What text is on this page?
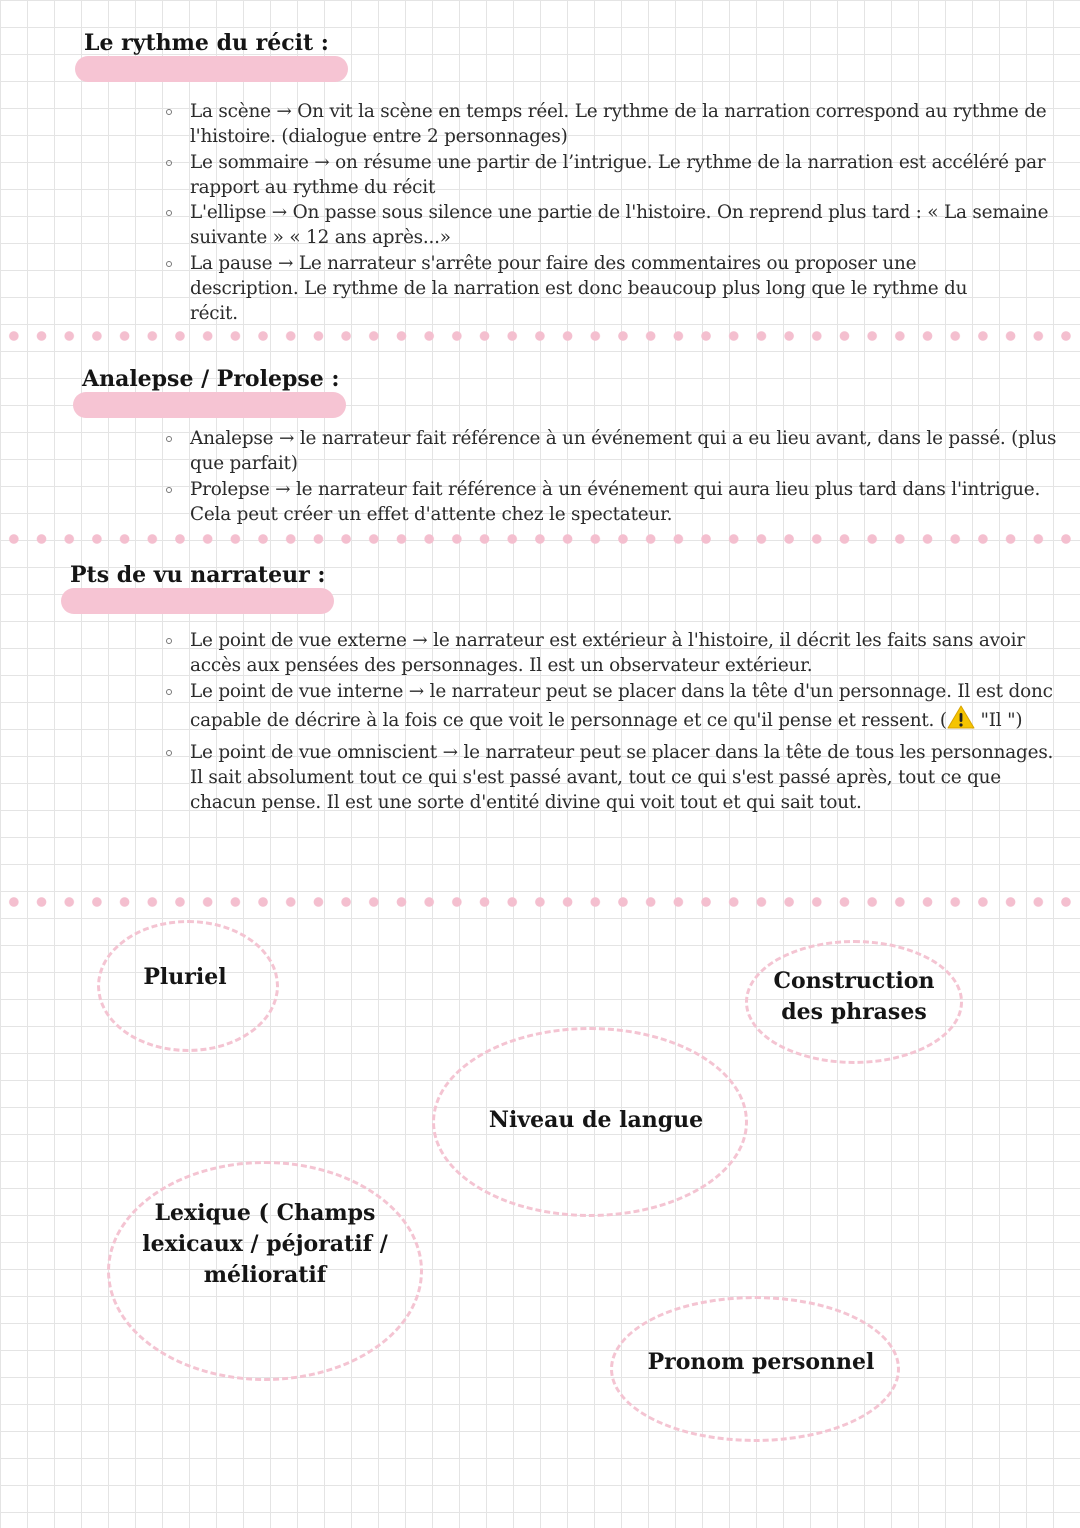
Le rythme du récit :
La scène → On vit la scène en temps réel. Le rythme de la narration correspond au rythme de l'histoire. (dialogue entre 2 personnages)
Le sommaire → on résume une partir de l’intrigue. Le rythme de la narration est accéléré par rapport au rythme du récit
L'ellipse → On passe sous silence une partie de l'histoire. On reprend plus tard : « La semaine suivante » « 12 ans après...»
La pause → Le narrateur s'arrête pour faire des commentaires ou proposer une description. Le rythme de la narration est donc beaucoup plus long que le rythme du récit.
Analepse / Prolepse :
Analepse → le narrateur fait référence à un événement qui a eu lieu avant, dans le passé. (plus que parfait)
Prolepse → le narrateur fait référence à un événement qui aura lieu plus tard dans l'intrigue. Cela peut créer un effet d'attente chez le spectateur.
Pts de vu narrateur :
Le point de vue externe → le narrateur est extérieur à l'histoire, il décrit les faits sans avoir accès aux pensées des personnages. Il est un observateur extérieur.
Le point de vue interne → le narrateur peut se placer dans la tête d'un personnage. Il est donc capable de décrire à la fois ce que voit le personnage et ce qu'il pense et ressent. ( "Il ")
Le point de vue omniscient → le narrateur peut se placer dans la tête de tous les personnages. Il sait absolument tout ce qui s'est passé avant, tout ce qui s'est passé après, tout ce que chacun pense. Il est une sorte d'entité divine qui voit tout et qui sait tout.
Pluriel	Construction des phrases
Niveau de langue
Lexique ( Champs lexicaux / péjoratif / mélioratif
Pronom personnel
